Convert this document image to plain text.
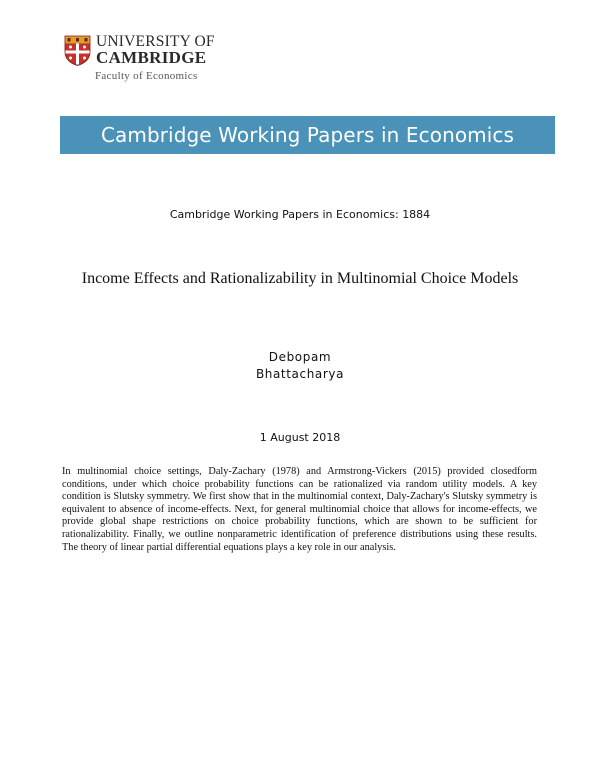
UNIVERSITY OF
CAMBRIDGE
Faculty of Economics
Cambridge Working Papers in Economics
Cambridge Working Papers in Economics: 1884
Income Effects and Rationalizability in Multinomial Choice Models
Debopam
Bhattacharya
1 August 2018
In multinomial choice settings, Daly-Zachary (1978) and Armstrong-Vickers (2015) provided closedform conditions, under which choice probability functions can be rationalized via random utility models. A key condition is Slutsky symmetry. We first show that in the multinomial context, Daly-Zachary's Slutsky symmetry is equivalent to absence of income-effects. Next, for general multinomial choice that allows for income-effects, we provide global shape restrictions on choice probability functions, which are shown to be sufficient for rationalizability. Finally, we outline nonparametric identification of preference distributions using these results. The theory of linear partial differential equations plays a key role in our analysis.
